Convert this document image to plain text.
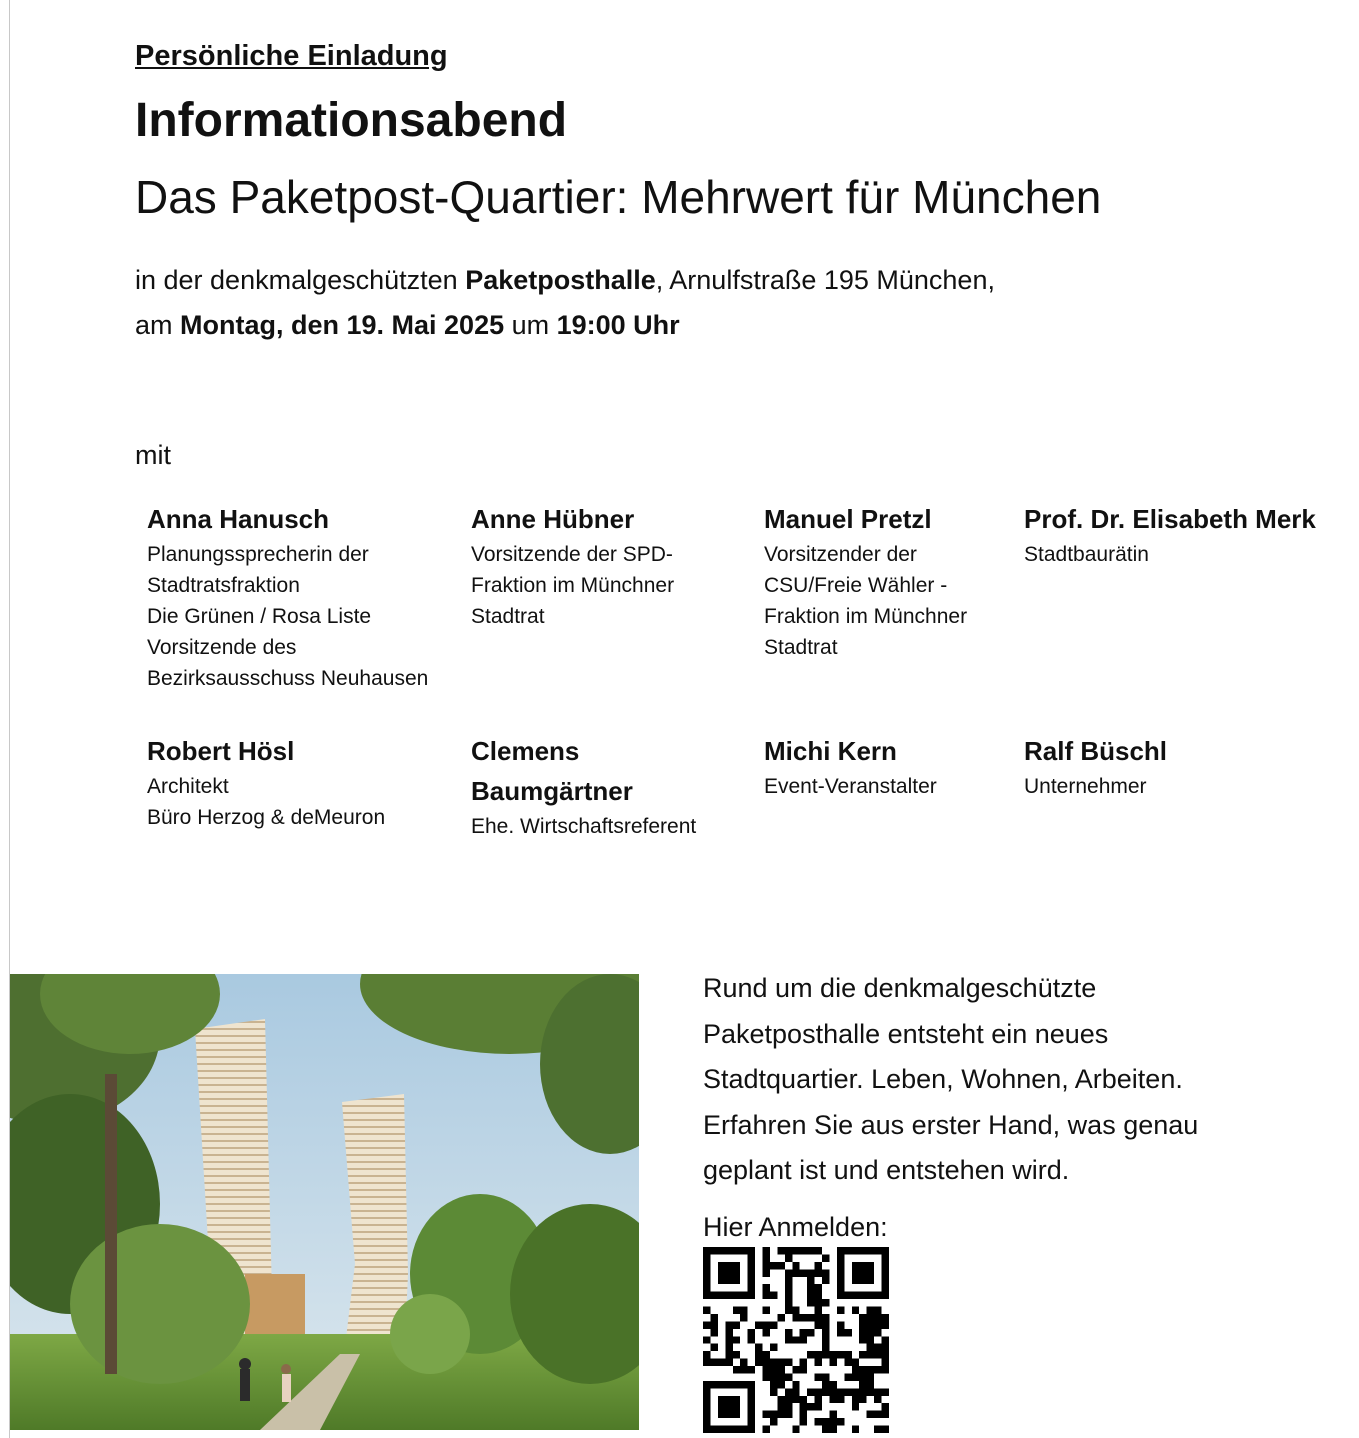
Persönliche Einladung
Informationsabend
Das Paketpost-Quartier: Mehrwert für München
in der denkmalgeschützten Paketposthalle, Arnulfstraße 195 München,
am Montag, den 19. Mai 2025 um 19:00 Uhr
mit
Anna Hanusch
Planungssprecherin der
Stadtratsfraktion
Die Grünen / Rosa Liste
Vorsitzende des
Bezirksausschuss Neuhausen
Anne Hübner
Vorsitzende der SPD-
Fraktion im Münchner
Stadtrat
Manuel Pretzl
Vorsitzender der
CSU/Freie Wähler -
Fraktion im Münchner
Stadtrat
Prof. Dr. Elisabeth Merk
Stadtbaurätin
Robert Hösl
Architekt
Büro Herzog & deMeuron
Clemens
Baumgärtner
Ehe. Wirtschaftsreferent
Michi Kern
Event-Veranstalter
Ralf Büschl
Unternehmer
Rund um die denkmalgeschützte
Paketposthalle entsteht ein neues
Stadtquartier. Leben, Wohnen, Arbeiten.
Erfahren Sie aus erster Hand, was genau
geplant ist und entstehen wird.
Hier Anmelden:
